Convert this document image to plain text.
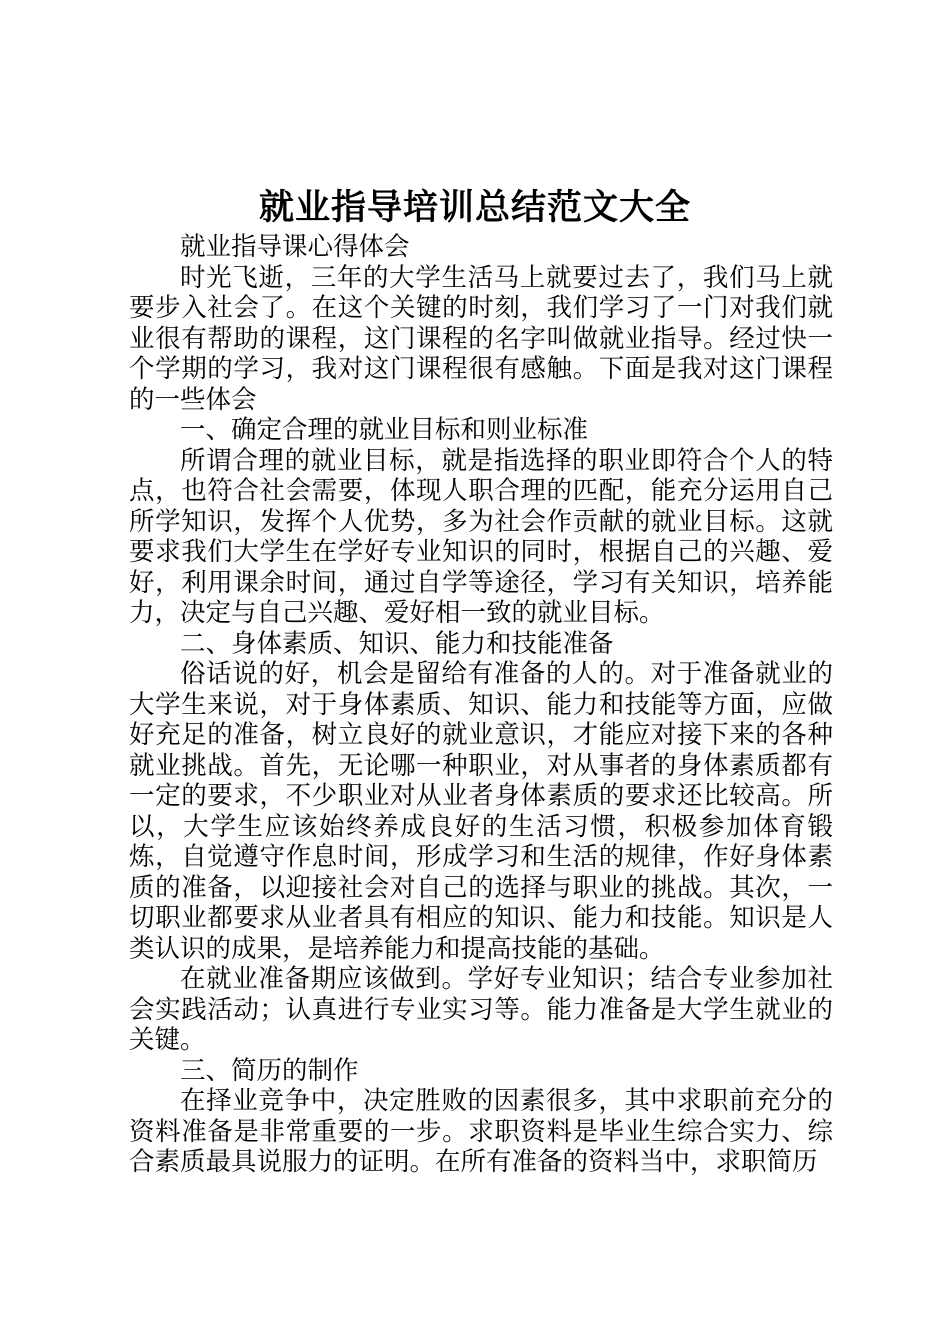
就业指导培训总结范文大全

就业指导课心得体会

时光飞逝，三年的大学生活马上就要过去了，我们马上就要步入社会了。在这个关键的时刻，我们学习了一门对我们就业很有帮助的课程，这门课程的名字叫做就业指导。经过快一个学期的学习，我对这门课程很有感触。下面是我对这门课程的一些体会

一、确定合理的就业目标和则业标准

所谓合理的就业目标，就是指选择的职业即符合个人的特点，也符合社会需要，体现人职合理的匹配，能充分运用自己所学知识，发挥个人优势，多为社会作贡献的就业目标。这就要求我们大学生在学好专业知识的同时，根据自己的兴趣、爱好，利用课余时间，通过自学等途径，学习有关知识，培养能力，决定与自己兴趣、爱好相一致的就业目标。

二、身体素质、知识、能力和技能准备

俗话说的好，机会是留给有准备的人的。对于准备就业的大学生来说，对于身体素质、知识、能力和技能等方面，应做好充足的准备，树立良好的就业意识，才能应对接下来的各种就业挑战。首先，无论哪一种职业，对从事者的身体素质都有一定的要求，不少职业对从业者身体素质的要求还比较高。所以，大学生应该始终养成良好的生活习惯，积极参加体育锻炼，自觉遵守作息时间，形成学习和生活的规律，作好身体素质的准备，以迎接社会对自己的选择与职业的挑战。其次，一切职业都要求从业者具有相应的知识、能力和技能。知识是人类认识的成果，是培养能力和提高技能的基础。

在就业准备期应该做到。学好专业知识；结合专业参加社会实践活动；认真进行专业实习等。能力准备是大学生就业的关键。

三、简历的制作

在择业竞争中，决定胜败的因素很多，其中求职前充分的资料准备是非常重要的一步。求职资料是毕业生综合实力、综合素质最具说服力的证明。在所有准备的资料当中，求职简历
